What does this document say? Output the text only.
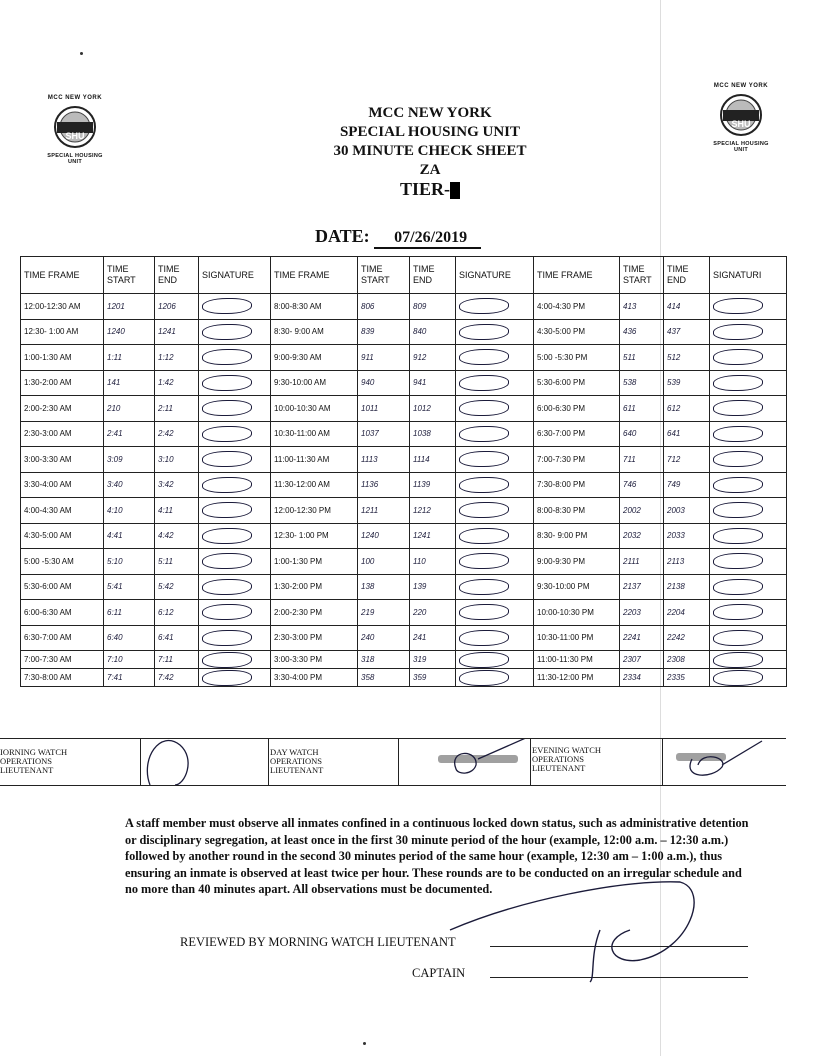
MCC NEW YORK
SPECIAL HOUSING UNIT
SHU
MCC NEW YORK
SPECIAL HOUSING UNIT
SHU
MCC NEW YORK
SPECIAL HOUSING UNIT
30 MINUTE CHECK SHEET
ZA
TIER-
DATE: 07/26/2019
TIME FRAME	TIME START	TIME END	SIGNATURE	TIME FRAME	TIME START	TIME END	SIGNATURE	TIME FRAME	TIME START	TIME END	SIGNATURI
12:00-12:30 AM	1201	1206		8:00-8:30 AM	806	809		4:00-4:30 PM	413	414	
12:30- 1:00 AM	1240	1241		8:30- 9:00 AM	839	840		4:30-5:00 PM	436	437	
1:00-1:30 AM	1:11	1:12		9:00-9:30 AM	911	912		5:00 -5:30 PM	511	512	
1:30-2:00 AM	141	1:42		9:30-10:00 AM	940	941		5:30-6:00 PM	538	539	
2:00-2:30 AM	210	2:11		10:00-10:30 AM	1011	1012		6:00-6:30 PM	611	612	
2:30-3:00 AM	2:41	2:42		10:30-11:00 AM	1037	1038		6:30-7:00 PM	640	641	
3:00-3:30 AM	3:09	3:10		11:00-11:30 AM	1113	1114		7:00-7:30 PM	711	712	
3:30-4:00 AM	3:40	3:42		11:30-12:00 AM	1136	1139		7:30-8:00 PM	746	749	
4:00-4:30 AM	4:10	4:11		12:00-12:30 PM	1211	1212		8:00-8:30 PM	2002	2003	
4:30-5:00 AM	4:41	4:42		12:30- 1:00 PM	1240	1241		8:30- 9:00 PM	2032	2033	
5:00 -5:30 AM	5:10	5:11		1:00-1:30 PM	100	110		9:00-9:30 PM	2111	2113	
5:30-6:00 AM	5:41	5:42		1:30-2:00 PM	138	139		9:30-10:00 PM	2137	2138	
6:00-6:30 AM	6:11	6:12		2:00-2:30 PM	219	220		10:00-10:30 PM	2203	2204	
6:30-7:00 AM	6:40	6:41		2:30-3:00 PM	240	241		10:30-11:00 PM	2241	2242	
7:00-7:30 AM	7:10	7:11		3:00-3:30 PM	318	319		11:00-11:30 PM	2307	2308	
7:30-8:00 AM	7:41	7:42		3:30-4:00 PM	358	359		11:30-12:00 PM	2334	2335	
IORNING WATCH
OPERATIONS
LIEUTENANT
DAY WATCH
OPERATIONS
LIEUTENANT
EVENING WATCH
OPERATIONS
LIEUTENANT
A staff member must observe all inmates confined in a continuous locked down status, such as administrative detention or disciplinary segregation, at least once in the first 30 minute period of the hour (example, 12:00 a.m. – 12:30 a.m.) followed by another round in the second 30 minutes period of the same hour (example, 12:30 am – 1:00 a.m.), thus ensuring an inmate is observed at least twice per hour. These rounds are to be conducted on an irregular schedule and no more than 40 minutes apart. All observations must be documented.
REVIEWED BY MORNING WATCH LIEUTENANT
CAPTAIN
